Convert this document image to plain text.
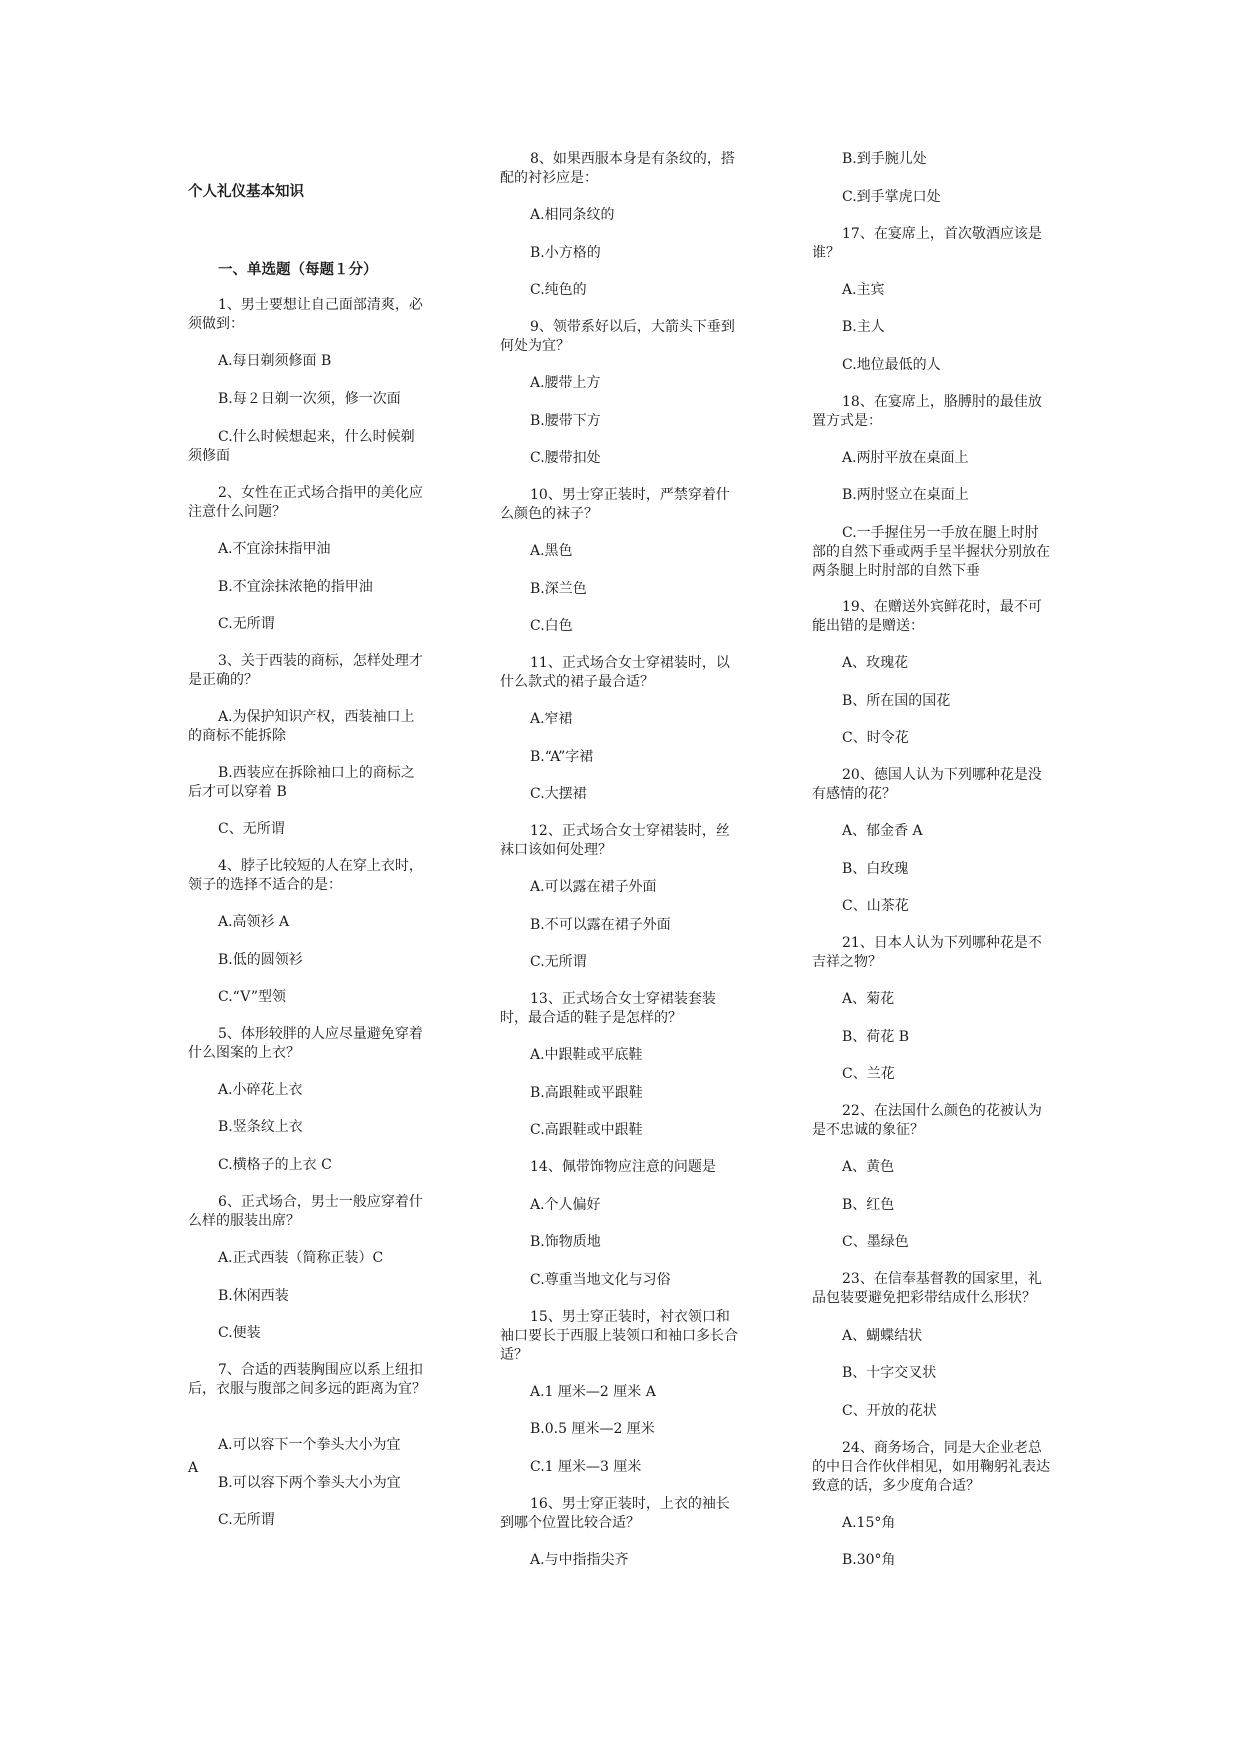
个人礼仪基本知识
一、单选题（每题１分）
A

1、男士要想让自己面部清爽，必须做到：

A.每日剃须修面 B

B.每２日剃一次须，修一次面

C.什么时候想起来，什么时候剃须修面

2、女性在正式场合指甲的美化应注意什么问题？

A.不宜涂抹指甲油

B.不宜涂抹浓艳的指甲油

C.无所谓

3、关于西装的商标，怎样处理才是正确的？

A.为保护知识产权，西装袖口上的商标不能拆除

B.西装应在拆除袖口上的商标之后才可以穿着 B

C、无所谓

4、脖子比较短的人在穿上衣时，领子的选择不适合的是：

A.高领衫 A

B.低的圆领衫

C.“V”型领

5、体形较胖的人应尽量避免穿着什么图案的上衣？

A.小碎花上衣

B.竖条纹上衣

C.横格子的上衣 C

6、正式场合，男士一般应穿着什么样的服装出席？

A.正式西装（简称正装）C

B.休闲西装

C.便装

7、合适的西装胸围应以系上纽扣后，衣服与腹部之间多远的距离为宜？

A.可以容下一个拳头大小为宜

B.可以容下两个拳头大小为宜

C.无所谓

8、如果西服本身是有条纹的，搭配的衬衫应是：

A.相同条纹的

B.小方格的

C.纯色的

9、领带系好以后，大箭头下垂到何处为宜？

A.腰带上方

B.腰带下方

C.腰带扣处

10、男士穿正装时，严禁穿着什么颜色的袜子？

A.黑色

B.深兰色

C.白色

11、正式场合女士穿裙装时，以什么款式的裙子最合适？

A.窄裙

B.“A”字裙

C.大摆裙

12、正式场合女士穿裙装时，丝袜口该如何处理？

A.可以露在裙子外面

B.不可以露在裙子外面

C.无所谓

13、正式场合女士穿裙装套装时，最合适的鞋子是怎样的？

A.中跟鞋或平底鞋

B.高跟鞋或平跟鞋

C.高跟鞋或中跟鞋

14、佩带饰物应注意的问题是

A.个人偏好

B.饰物质地

C.尊重当地文化与习俗

15、男士穿正装时，衬衣领口和袖口要长于西服上装领口和袖口多长合适？

A.1 厘米—2 厘米 A

B.0.5 厘米—2 厘米

C.1 厘米—3 厘米

16、男士穿正装时，上衣的袖长到哪个位置比较合适？

A.与中指指尖齐

B.到手腕儿处

C.到手掌虎口处

17、在宴席上，首次敬酒应该是谁？

A.主宾

B.主人

C.地位最低的人

18、在宴席上，胳膊肘的最佳放置方式是：

A.两肘平放在桌面上

B.两肘竖立在桌面上

C.一手握住另一手放在腿上时肘部的自然下垂或两手呈半握状分别放在两条腿上时肘部的自然下垂

19、在赠送外宾鲜花时，最不可能出错的是赠送：

A、玫瑰花

B、所在国的国花

C、时令花

20、德国人认为下列哪种花是没有感情的花？

A、郁金香 A

B、白玫瑰

C、山茶花

21、日本人认为下列哪种花是不吉祥之物？

A、菊花

B、荷花 B

C、兰花

22、在法国什么颜色的花被认为是不忠诚的象征？

A、黄色

B、红色

C、墨绿色

23、在信奉基督教的国家里，礼品包装要避免把彩带结成什么形状？

A、蝴蝶结状

B、十字交叉状

C、开放的花状

24、商务场合，同是大企业老总的中日合作伙伴相见，如用鞠躬礼表达致意的话，多少度角合适？

A.15°角

B.30°角
